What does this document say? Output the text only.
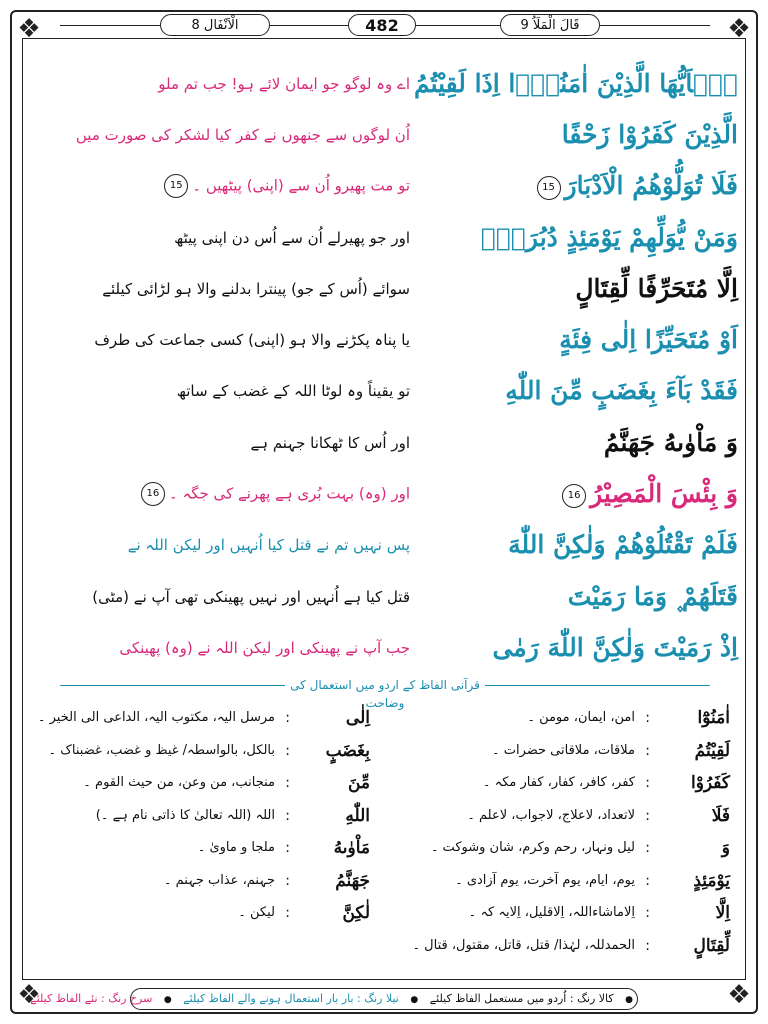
❖	❖
❖	❖
الْاَنْفَال 8	482	قَالَ الْمَلَاُ 9
يٰۤاَيُّهَا الَّذِيْنَ اٰمَنُوْۤا اِذَا لَقِيْتُمُ
اے وہ لوگو جو ایمان لائے ہو! جب تم ملو
الَّذِيْنَ كَفَرُوْا زَحْفًا
اُن لوگوں سے جنھوں نے کفر کیا لشکر کی صورت میں
فَلَا تُوَلُّوْهُمُ الْاَدْبَارَ15
تو مت پھیرو اُن سے (اپنی) پیٹھیں ۔15
وَمَنْ يُّوَلِّهِمْ يَوْمَئِذٍ دُبُرَهٗۤ
اور جو پھیرلے اُن سے اُس دن اپنی پیٹھ
اِلَّا مُتَحَرِّفًا لِّقِتَالٍ
سوائے (اُس کے جو) پینترا بدلنے والا ہو لڑائی کیلئے
اَوْ مُتَحَيِّزًا اِلٰى فِئَةٍ
یا پناہ پکڑنے والا ہو (اپنی) کسی جماعت کی طرف
فَقَدْ بَآءَ بِغَضَبٍ مِّنَ اللّٰهِ
تو یقیناً وہ لوٹا اللہ کے غضب کے ساتھ
وَ مَاْوٰىهُ جَهَنَّمُ
اور اُس کا ٹھکانا جہنم ہے
وَ بِئْسَ الْمَصِيْرُ16
اور (وہ) بہت بُری ہے پھرنے کی جگہ ۔16
فَلَمْ تَقْتُلُوْهُمْ وَلٰكِنَّ اللّٰهَ
پس نہیں تم نے قتل کیا اُنہیں اور لیکن اللہ نے
قَتَلَهُمْ ۪ وَمَا رَمَيْتَ
قتل کیا ہے اُنہیں اور نہیں پھینکی تھی آپ نے (مٹی)
اِذْ رَمَيْتَ وَلٰكِنَّ اللّٰهَ رَمٰى
جب آپ نے پھینکی اور لیکن اللہ نے (وہ) پھینکی
قرآنی الفاظ کے اردو میں استعمال کی وضاحت
اٰمَنُوْٓا
:
امن، ایمان، مومن ۔
اِلٰی
:
مرسل الیہ، مکتوب الیہ، الداعی الی الخیر ۔
لَقِيْتُمُ
:
ملاقات، ملاقاتی حضرات ۔
بِغَضَبٍ
:
بالکل، بالواسطہ/ غیظ و غضب، غضبناک ۔
كَفَرُوْا
:
کفر، کافر، کفار، کفار مکہ ۔
مِّنَ
:
منجانب، من وعن، من حیث القوم ۔
فَلَا
:
لاتعداد، لاعلاج، لاجواب، لاعلم ۔
اللّٰهِ
:
اللہ (اللہ تعالیٰ کا ذاتی نام ہے ۔)
وَ
:
لیل ونہار، رحم وکرم، شان وشوکت ۔
مَاْوٰىهُ
:
ملجا و ماویٰ ۔
يَوْمَئِذٍ
:
یوم، ایام، یوم آخرت، یوم آزادی ۔
جَهَنَّمُ
:
جہنم، عذاب جہنم ۔
اِلَّا
:
اِلاماشاءاللہ، اِلاقلیل، اِلایہ کہ ۔
لٰكِنَّ
:
لیکن ۔
لِّقِتَالٍ
:
الحمدللہ، لہٰذا/ قتل، قاتل، مقتول، قتال ۔
● کالا رنگ : اُردو میں مستعمل الفاظ کیلئے ● نیلا رنگ : بار بار استعمال ہونے والے الفاظ کیلئے ● سرخ رنگ : نئے الفاظ کیلئے
